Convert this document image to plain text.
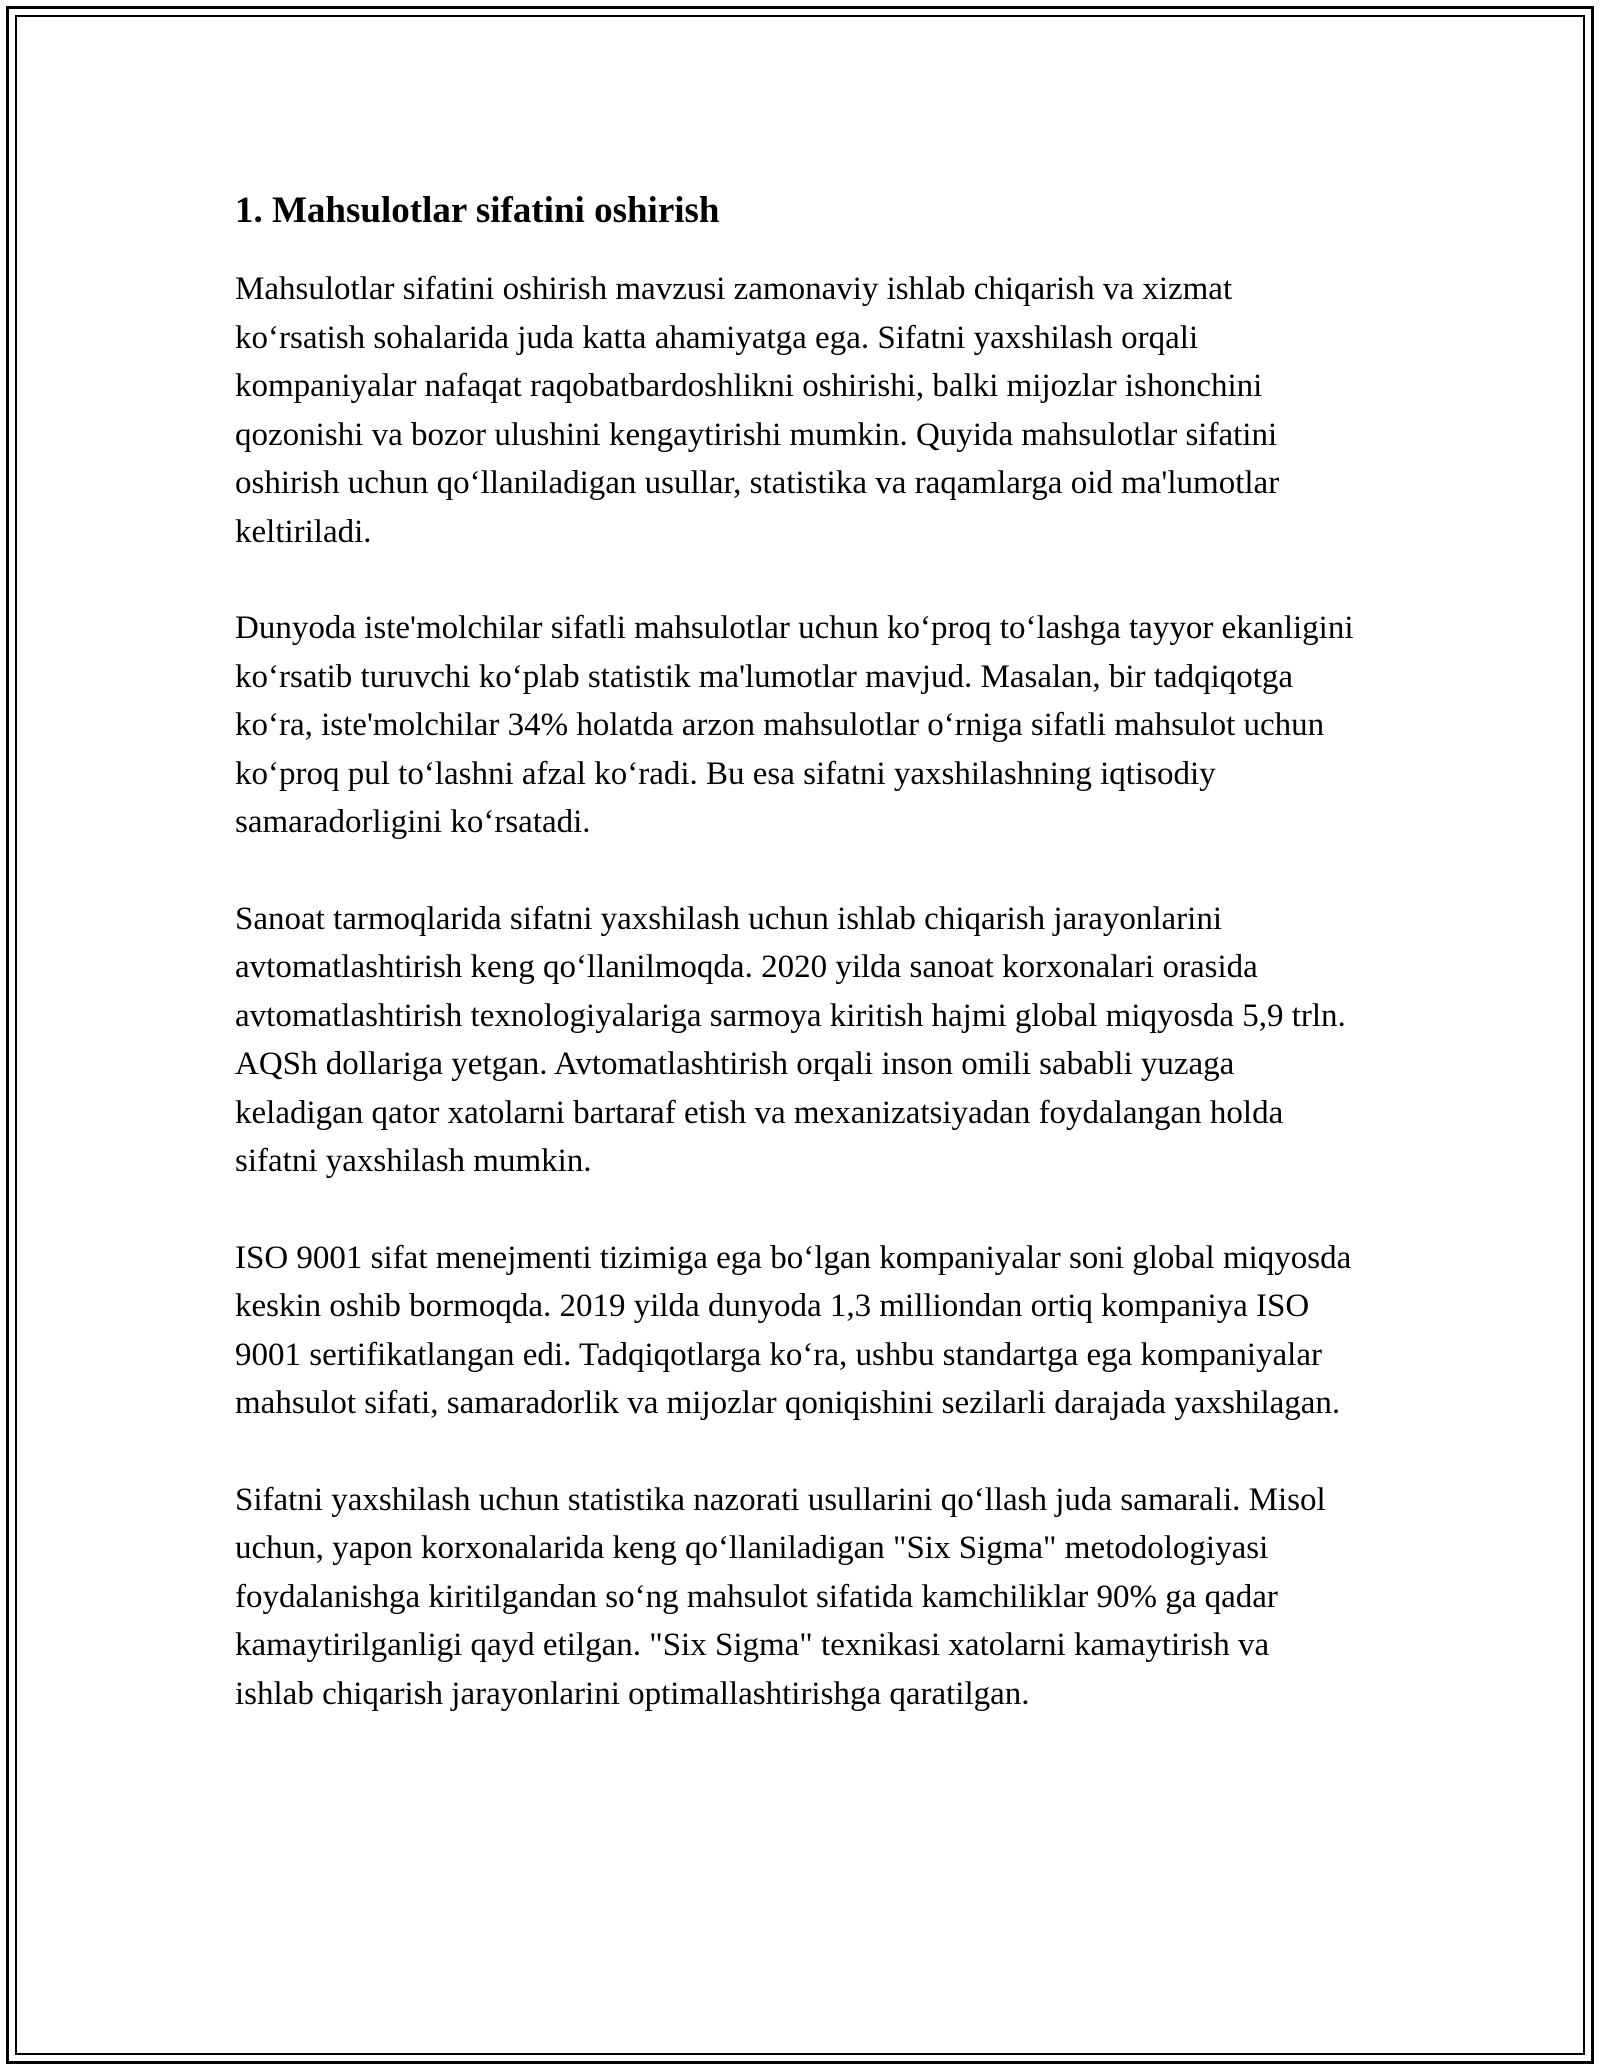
1. Mahsulotlar sifatini oshirish

Mahsulotlar sifatini oshirish mavzusi zamonaviy ishlab chiqarish va xizmat ko‘rsatish sohalarida juda katta ahamiyatga ega. Sifatni yaxshilash orqali kompaniyalar nafaqat raqobatbardoshlikni oshirishi, balki mijozlar ishonchini qozonishi va bozor ulushini kengaytirishi mumkin. Quyida mahsulotlar sifatini oshirish uchun qo‘llaniladigan usullar, statistika va raqamlarga oid ma'lumotlar keltiriladi.

Dunyoda iste'molchilar sifatli mahsulotlar uchun ko‘proq to‘lashga tayyor ekanligini ko‘rsatib turuvchi ko‘plab statistik ma'lumotlar mavjud. Masalan, bir tadqiqotga ko‘ra, iste'molchilar 34% holatda arzon mahsulotlar o‘rniga sifatli mahsulot uchun ko‘proq pul to‘lashni afzal ko‘radi. Bu esa sifatni yaxshilashning iqtisodiy samaradorligini ko‘rsatadi.

Sanoat tarmoqlarida sifatni yaxshilash uchun ishlab chiqarish jarayonlarini avtomatlashtirish keng qo‘llanilmoqda. 2020 yilda sanoat korxonalari orasida avtomatlashtirish texnologiyalariga sarmoya kiritish hajmi global miqyosda 5,9 trln. AQSh dollariga yetgan. Avtomatlashtirish orqali inson omili sababli yuzaga keladigan qator xatolarni bartaraf etish va mexanizatsiyadan foydalangan holda sifatni yaxshilash mumkin.

ISO 9001 sifat menejmenti tizimiga ega bo‘lgan kompaniyalar soni global miqyosda keskin oshib bormoqda. 2019 yilda dunyoda 1,3 milliondan ortiq kompaniya ISO 9001 sertifikatlangan edi. Tadqiqotlarga ko‘ra, ushbu standartga ega kompaniyalar mahsulot sifati, samaradorlik va mijozlar qoniqishini sezilarli darajada yaxshilagan.

Sifatni yaxshilash uchun statistika nazorati usullarini qo‘llash juda samarali. Misol uchun, yapon korxonalarida keng qo‘llaniladigan "Six Sigma" metodologiyasi foydalanishga kiritilgandan so‘ng mahsulot sifatida kamchiliklar 90% ga qadar kamaytirilganligi qayd etilgan. "Six Sigma" texnikasi xatolarni kamaytirish va ishlab chiqarish jarayonlarini optimallashtirishga qaratilgan.
